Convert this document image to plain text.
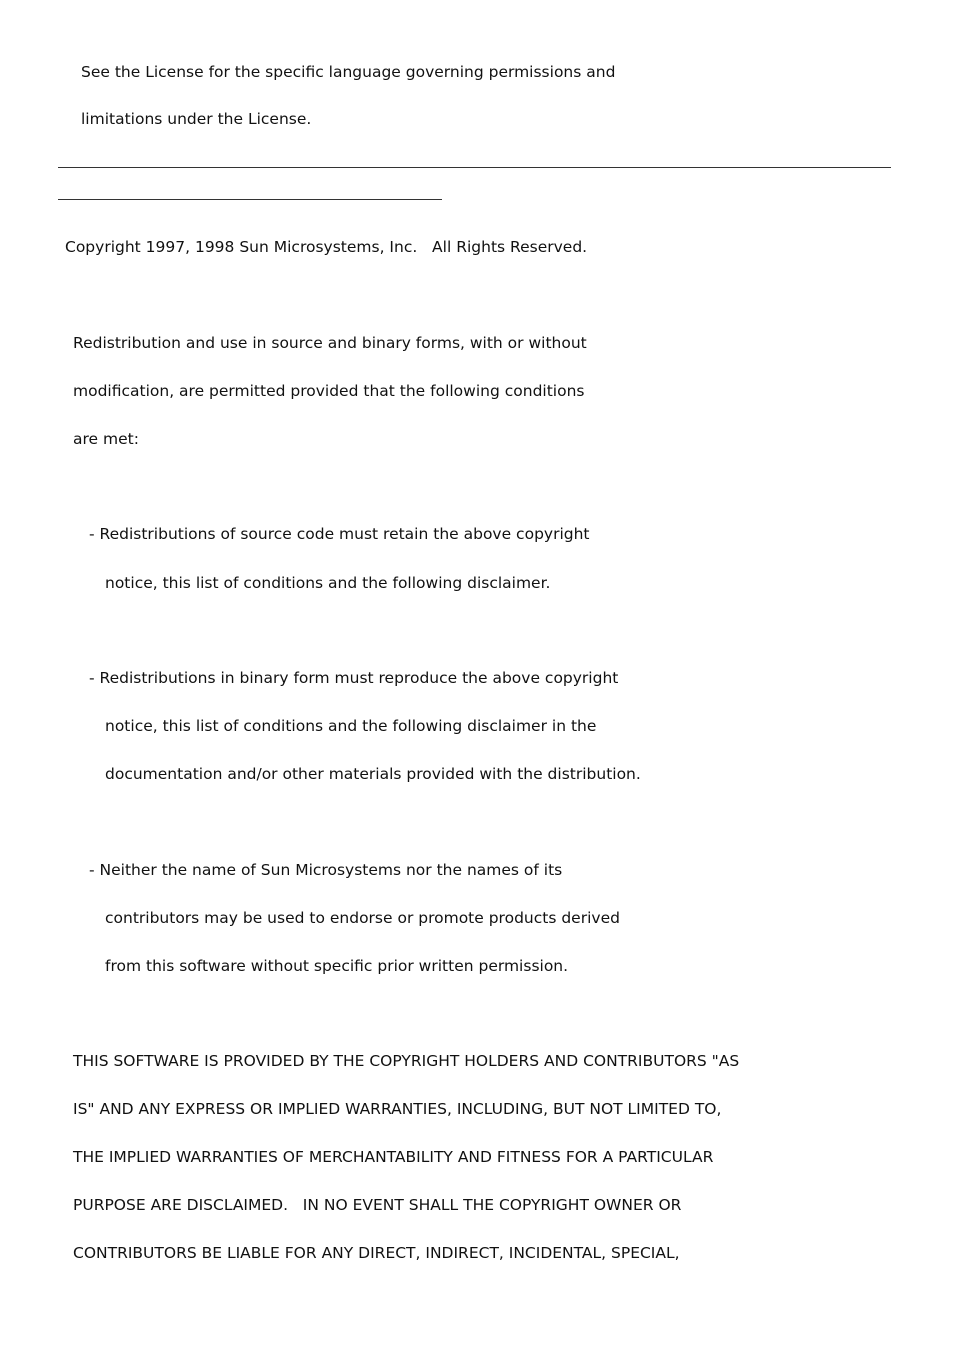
See the License for the specific language governing permissions and

limitations under the License.

Copyright 1997, 1998 Sun Microsystems, Inc.   All Rights Reserved.

Redistribution and use in source and binary forms, with or without

modification, are permitted provided that the following conditions

are met:

- Redistributions of source code must retain the above copyright

notice, this list of conditions and the following disclaimer.

- Redistributions in binary form must reproduce the above copyright

notice, this list of conditions and the following disclaimer in the

documentation and/or other materials provided with the distribution.

- Neither the name of Sun Microsystems nor the names of its

contributors may be used to endorse or promote products derived

from this software without specific prior written permission.

THIS SOFTWARE IS PROVIDED BY THE COPYRIGHT HOLDERS AND CONTRIBUTORS "AS

IS" AND ANY EXPRESS OR IMPLIED WARRANTIES, INCLUDING, BUT NOT LIMITED TO,

THE IMPLIED WARRANTIES OF MERCHANTABILITY AND FITNESS FOR A PARTICULAR

PURPOSE ARE DISCLAIMED.   IN NO EVENT SHALL THE COPYRIGHT OWNER OR

CONTRIBUTORS BE LIABLE FOR ANY DIRECT, INDIRECT, INCIDENTAL, SPECIAL,
